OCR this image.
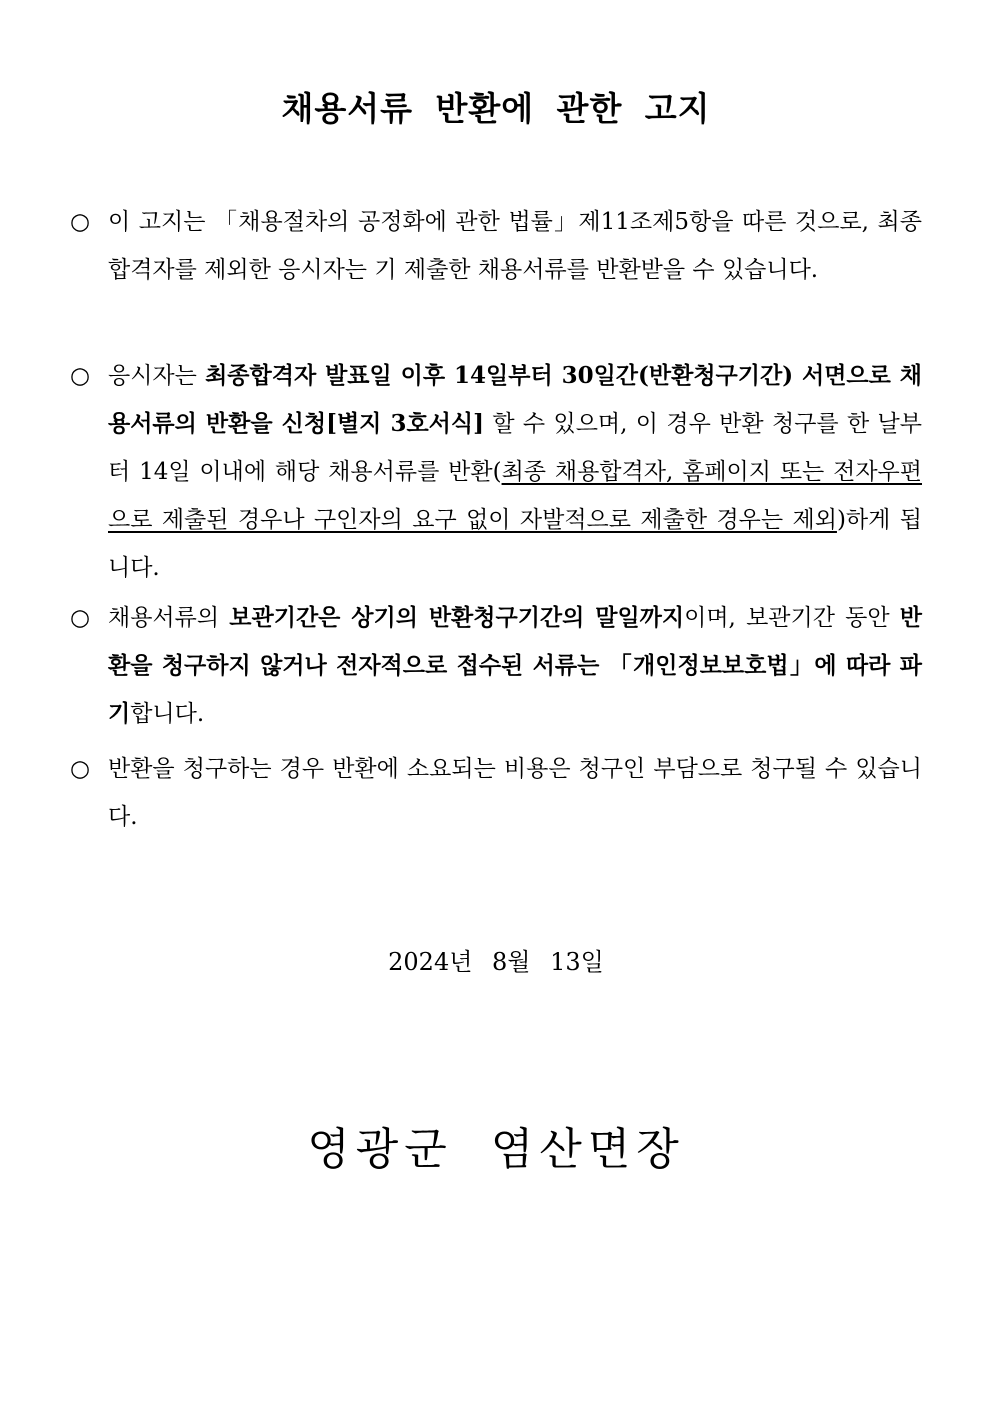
채용서류 반환에 관한 고지
○ 이 고지는 「채용절차의 공정화에 관한 법률」제11조제5항을 따른 것으로, 최종합격자를 제외한 응시자는 기 제출한 채용서류를 반환받을 수 있습니다.
○ 응시자는 최종합격자 발표일 이후 14일부터 30일간(반환청구기간) 서면으로 채용서류의 반환을 신청[별지 3호서식] 할 수 있으며, 이 경우 반환 청구를 한 날부터 14일 이내에 해당 채용서류를 반환(최종 채용합격자, 홈페이지 또는 전자우편으로 제출된 경우나 구인자의 요구 없이 자발적으로 제출한 경우는 제외)하게 됩니다.
○ 채용서류의 보관기간은 상기의 반환청구기간의 말일까지이며, 보관기간 동안 반환을 청구하지 않거나 전자적으로 접수된 서류는 「개인정보보호법」에 따라 파기합니다.
○ 반환을 청구하는 경우 반환에 소요되는 비용은 청구인 부담으로 청구될 수 있습니다.
2024년 8월 13일
영광군 염산면장
